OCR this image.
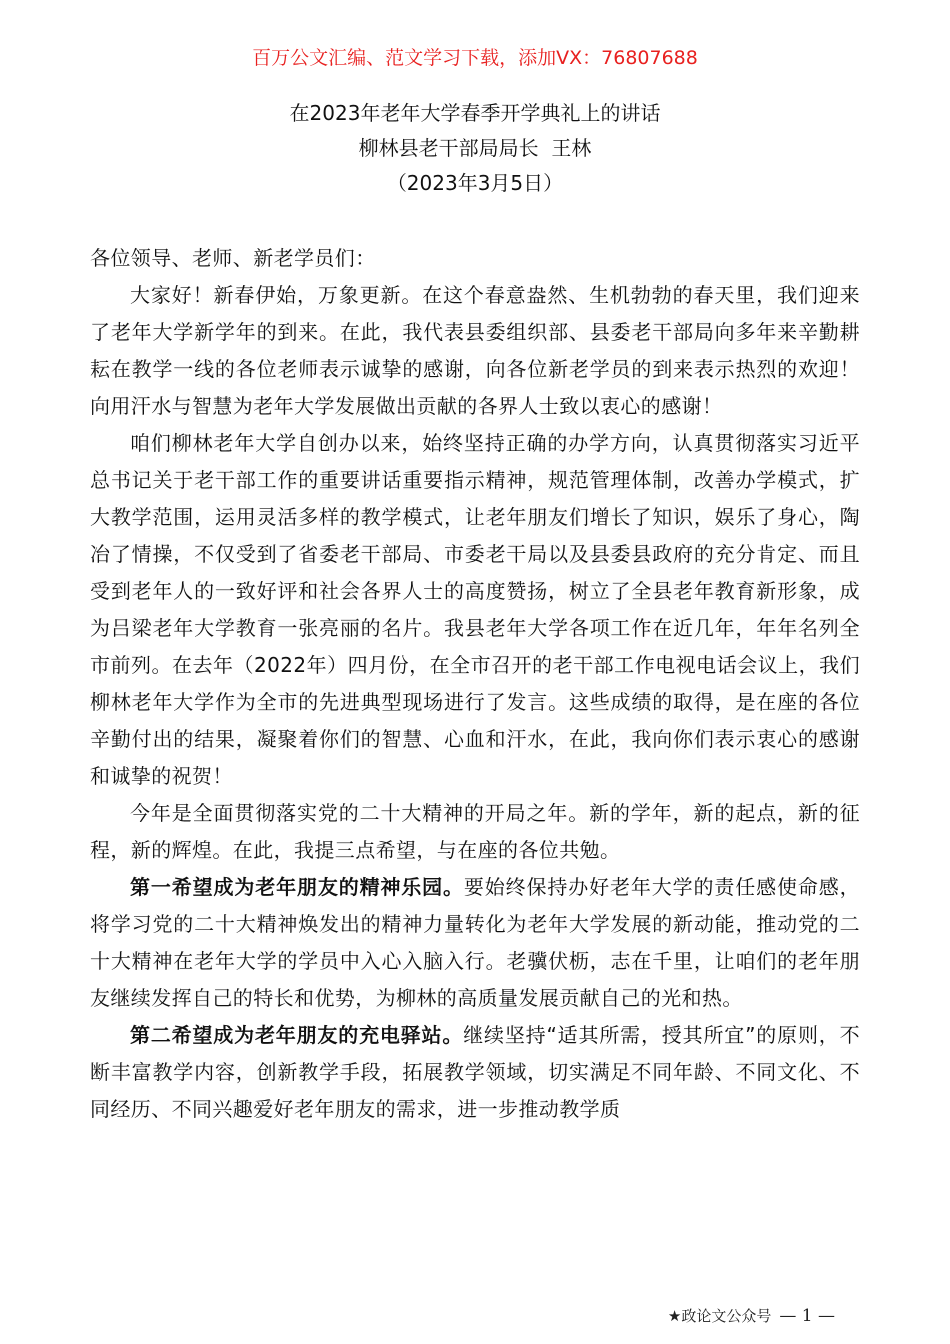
百万公文汇编、范文学习下载，添加VX：76807688
在2023年老年大学春季开学典礼上的讲话
柳林县老干部局局长  王林
（2023年3月5日）

各位领导、老师、新老学员们：

大家好！新春伊始，万象更新。在这个春意盎然、生机勃勃的春天里，我们迎来了老年大学新学年的到来。在此，我代表县委组织部、县委老干部局向多年来辛勤耕耘在教学一线的各位老师表示诚挚的感谢，向各位新老学员的到来表示热烈的欢迎！向用汗水与智慧为老年大学发展做出贡献的各界人士致以衷心的感谢！

咱们柳林老年大学自创办以来，始终坚持正确的办学方向，认真贯彻落实习近平总书记关于老干部工作的重要讲话重要指示精神，规范管理体制，改善办学模式，扩大教学范围，运用灵活多样的教学模式，让老年朋友们增长了知识，娱乐了身心，陶冶了情操，不仅受到了省委老干部局、市委老干局以及县委县政府的充分肯定、而且受到老年人的一致好评和社会各界人士的高度赞扬，树立了全县老年教育新形象，成为吕梁老年大学教育一张亮丽的名片。我县老年大学各项工作在近几年，年年名列全市前列。在去年（2022年）四月份，在全市召开的老干部工作电视电话会议上，我们柳林老年大学作为全市的先进典型现场进行了发言。这些成绩的取得，是在座的各位辛勤付出的结果，凝聚着你们的智慧、心血和汗水，在此，我向你们表示衷心的感谢和诚挚的祝贺！

今年是全面贯彻落实党的二十大精神的开局之年。新的学年，新的起点，新的征程，新的辉煌。在此，我提三点希望，与在座的各位共勉。

第一希望成为老年朋友的精神乐园。要始终保持办好老年大学的责任感使命感，将学习党的二十大精神焕发出的精神力量转化为老年大学发展的新动能，推动党的二十大精神在老年大学的学员中入心入脑入行。老骥伏枥，志在千里，让咱们的老年朋友继续发挥自己的特长和优势，为柳林的高质量发展贡献自己的光和热。

第二希望成为老年朋友的充电驿站。继续坚持“适其所需，授其所宜”的原则，不断丰富教学内容，创新教学手段，拓展教学领域，切实满足不同年龄、不同文化、不同经历、不同兴趣爱好老年朋友的需求，进一步推动教学质

★政论文公众号 — 1 —
